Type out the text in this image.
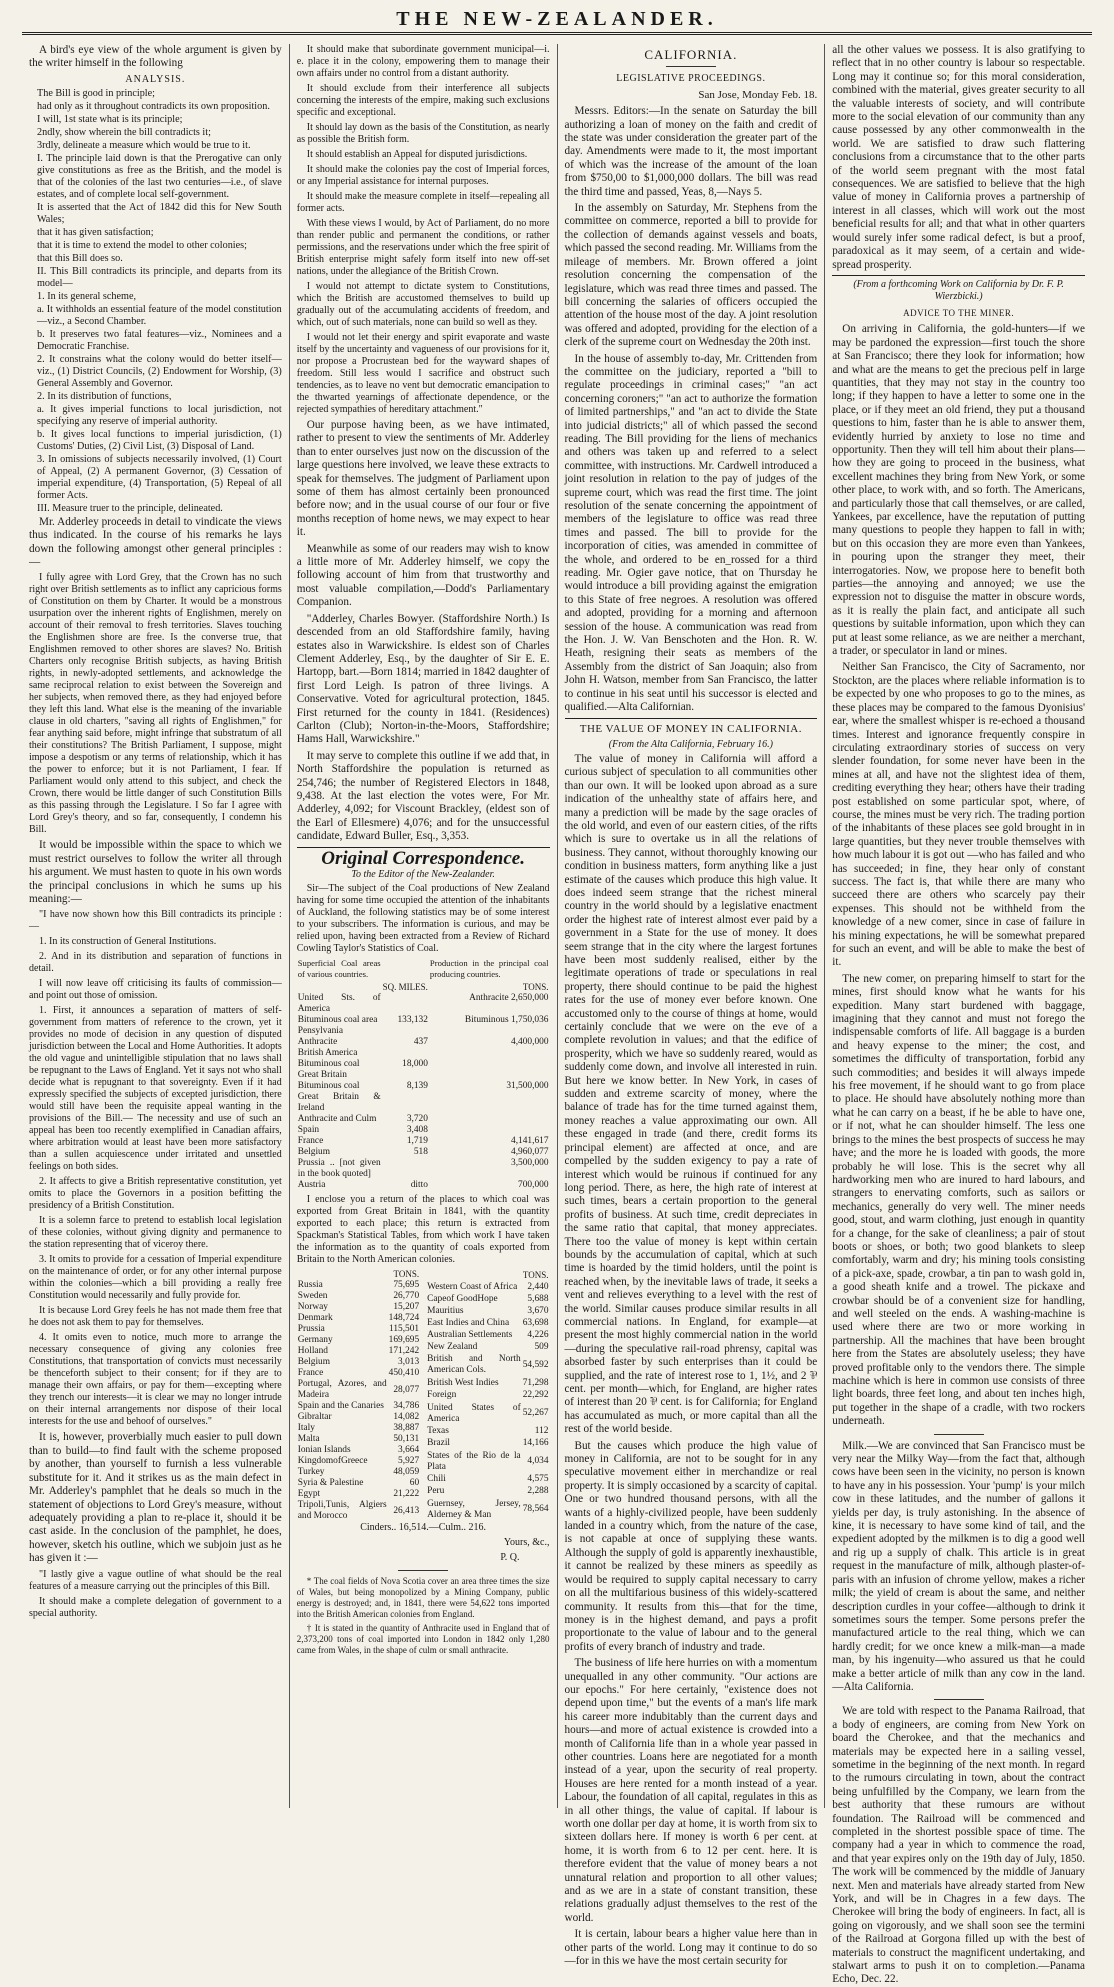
THE NEW-ZEALANDER.

A bird's eye view of the whole argument is given by the writer himself in the following

ANALYSIS.
The Bill is good in principle;
had only as it throughout contradicts its own proposition.
I will, 1st state what is its principle;
2ndly, show wherein the bill contradicts it;
3rdly, delineate a measure which would be true to it.
I. The principle laid down is that the Prerogative can only give constitutions as free as the British, and the model is that of the colonies of the last two centuries—i.e., of slave estates, and of complete local self-government.
It is asserted that the Act of 1842 did this for New South Wales;
that it has given satisfaction;
that it is time to extend the model to other colonies;
that this Bill does so.
II. This Bill contradicts its principle, and departs from its model—
1. In its general scheme,
a. It withholds an essential feature of the model constitution—viz., a Second Chamber.
b. It preserves two fatal features—viz., Nominees and a Democratic Franchise.
2. It constrains what the colony would do better itself—viz., (1) District Councils, (2) Endowment for Worship, (3) General Assembly and Governor.
2. In its distribution of functions,
a. It gives imperial functions to local jurisdiction, not specifying any reserve of imperial authority.
b. It gives local functions to imperial jurisdiction, (1) Customs' Duties, (2) Civil List, (3) Disposal of Land.
3. In omissions of subjects necessarily involved, (1) Court of Appeal, (2) A permanent Governor, (3) Cessation of imperial expenditure, (4) Transportation, (5) Repeal of all former Acts.
III. Measure truer to the principle, delineated.

Mr. Adderley proceeds in detail to vindicate the views thus indicated. In the course of his remarks he lays down the following amongst other general principles :—

I fully agree with Lord Grey, that the Crown has no such right over British settlements as to inflict any capricious forms of Constitution on them by Charter. It would be a monstrous usurpation over the inherent rights of Englishmen, merely on account of their removal to fresh territories. Slaves touching the Englishmen shore are free. Is the converse true, that Englishmen removed to other shores are slaves? No. British Charters only recognise British subjects, as having British rights, in newly-adopted settlements, and acknowledge the same reciprocal relation to exist between the Sovereign and her subjects, when removed there, as they had enjoyed before they left this land. What else is the meaning of the invariable clause in old charters, "saving all rights of Englishmen," for fear anything said before, might infringe that substratum of all their constitutions? The British Parliament, I suppose, might impose a despotism or any terms of relationship, which it has the power to enforce; but it is not Parliament, I fear. If Parliament would only attend to this subject, and check the Crown, there would be little danger of such Constitution Bills as this passing through the Legislature. I So far I agree with Lord Grey's theory, and so far, consequently, I condemn his Bill.

It would be impossible within the space to which we must restrict ourselves to follow the writer all through his argument. We must hasten to quote in his own words the principal conclusions in which he sums up his meaning:—

"I have now shown how this Bill contradicts its principle :—

1. In its construction of General Institutions.

2. And in its distribution and separation of functions in detail.

I will now leave off criticising its faults of commission—and point out those of omission.

1. First, it announces a separation of matters of self-government from matters of reference to the crown, yet it provides no mode of decision in any question of disputed jurisdiction between the Local and Home Authorities. It adopts the old vague and unintelligible stipulation that no laws shall be repugnant to the Laws of England. Yet it says not who shall decide what is repugnant to that sovereignty. Even if it had expressly specified the subjects of excepted jurisdiction, there would still have been the requisite appeal wanting in the provisions of the Bill.— The necessity and use of such an appeal has been too recently exemplified in Canadian affairs, where arbitration would at least have been more satisfactory than a sullen acquiescence under irritated and unsettled feelings on both sides.

2. It affects to give a British representative constitution, yet omits to place the Governors in a position befitting the presidency of a British Constitution.

It is a solemn farce to pretend to establish local legislation of these colonies, without giving dignity and permanence to the station representing that of viceroy there.

3. It omits to provide for a cessation of Imperial expenditure on the maintenance of order, or for any other internal purpose within the colonies—which a bill providing a really free Constitution would necessarily and fully provide for.

It is because Lord Grey feels he has not made them free that he does not ask them to pay for themselves.

4. It omits even to notice, much more to arrange the necessary consequence of giving any colonies free Constitutions, that transportation of convicts must necessarily be thenceforth subject to their consent; for if they are to manage their own affairs, or pay for them—excepting where they trench our interests—it is clear we may no longer intrude on their internal arrangements nor dispose of their local interests for the use and behoof of ourselves."

It is, however, proverbially much easier to pull down than to build—to find fault with the scheme proposed by another, than yourself to furnish a less vulnerable substitute for it. And it strikes us as the main defect in Mr. Adderley's pamphlet that he deals so much in the statement of objections to Lord Grey's measure, without adequately providing a plan to re-place it, should it be cast aside. In the conclusion of the pamphlet, he does, however, sketch his outline, which we subjoin just as he has given it :—

"I lastly give a vague outline of what should be the real features of a measure carrying out the principles of this Bill.

It should make a complete delegation of government to a special authority.

It should make that subordinate government municipal—i. e. place it in the colony, empowering them to manage their own affairs under no control from a distant authority.

It should exclude from their interference all subjects concerning the interests of the empire, making such exclusions specific and exceptional.

It should lay down as the basis of the Constitution, as nearly as possible the British form.

It should establish an Appeal for disputed jurisdictions.

It should make the colonies pay the cost of Imperial forces, or any Imperial assistance for internal purposes.

It should make the measure complete in itself—repealing all former acts.

With these views I would, by Act of Parliament, do no more than render public and permanent the conditions, or rather permissions, and the reservations under which the free spirit of British enterprise might safely form itself into new off-set nations, under the allegiance of the British Crown.

I would not attempt to dictate system to Constitutions, which the British are accustomed themselves to build up gradually out of the accumulating accidents of freedom, and which, out of such materials, none can build so well as they.

I would not let their energy and spirit evaporate and waste itself by the uncertainty and vagueness of our provisions for it, nor propose a Procrustean bed for the wayward shapes of freedom. Still less would I sacrifice and obstruct such tendencies, as to leave no vent but democratic emancipation to the thwarted yearnings of affectionate dependence, or the rejected sympathies of hereditary attachment."

Our purpose having been, as we have intimated, rather to present to view the sentiments of Mr. Adderley than to enter ourselves just now on the discussion of the large questions here involved, we leave these extracts to speak for themselves. The judgment of Parliament upon some of them has almost certainly been pronounced before now; and in the usual course of our four or five months reception of home news, we may expect to hear it.

Meanwhile as some of our readers may wish to know a little more of Mr. Adderley himself, we copy the following account of him from that trustworthy and most valuable compilation,—Dodd's Parliamentary Companion.

"Adderley, Charles Bowyer. (Staffordshire North.) Is descended from an old Staffordshire family, having estates also in Warwickshire. Is eldest son of Charles Clement Adderley, Esq., by the daughter of Sir E. E. Hartopp, bart.—Born 1814; married in 1842 daughter of first Lord Leigh. Is patron of three livings. A Conservative. Voted for agricultural protection, 1845. First returned for the county in 1841. (Residences) Carlton (Club); Norton-in-the-Moors, Staffordshire; Hams Hall, Warwickshire."

It may serve to complete this outline if we add that, in North Staffordshire the population is returned as 254,746; the number of Registered Electors in 1848, 9,438. At the last election the votes were, For Mr. Adderley, 4,092; for Viscount Brackley, (eldest son of the Earl of Ellesmere) 4,076; and for the unsuccessful candidate, Edward Buller, Esq., 3,353.

Original Correspondence.
To the Editor of the New-Zealander.

Sir—The subject of the Coal productions of New Zealand having for some time occupied the attention of the inhabitants of Auckland, the following statistics may be of some interest to your subscribers. The information is curious, and may be relied upon, having been extracted from a Review of Richard Cowling Taylor's Statistics of Coal.

Superficial Coal areas of various countries.		Production in the principal coal producing countries.
	SQ. MILES.	TONS.
United Sts. of America		Anthracite 2,650,000
Bituminous coal area	133,132	Bituminous 1,750,036
Pensylvania		
Anthracite	437	4,400,000
British America		
Bituminous coal	18,000	
Great Britain		
Bituminous coal	8,139	31,500,000
Great Britain & Ireland		
Anthracite and Culm	3,720	
Spain	3,408	
France	1,719	4,141,617
Belgium	518	4,960,077
Prussia .. [not given in the book quoted]		3,500,000
Austria	ditto	700,000

I enclose you a return of the places to which coal was exported from Great Britain in 1841, with the quantity exported to each place; this return is extracted from Spackman's Statistical Tables, from which work I have taken the information as to the quantity of coals exported from Britain to the North American colonies.

	TONS.
Russia	75,695
Sweden	26,770
Norway	15,207
Denmark	148,724
Prussia	115,501
Germany	169,695
Holland	171,242
Belgium	3,013
France	450,410
Portugal, Azores, and Madeira	28,077
Spain and the Canaries	34,786
Gibraltar	14,082
Italy	38,887
Malta	50,131
Ionian Islands	3,664
KingdomofGreece	5,927
Turkey	48,059
Syria & Palestine	60
Egypt	21,222
Tripoli,Tunis, Algiers and Morocco	26,413
	TONS.
Western Coast of Africa	2,440
Capeof GoodHope	5,688
Mauritius	3,670
East Indies and China	63,698
Australian Settlements	4,226
New Zealand	509
British and North American Cols.	54,592
British West Indies	71,298
Foreign	22,292
United States of America	52,267
Texas	112
Brazil	14,166
States of the Rio de la Plata	4,034
Chili	4,575
Peru	2,288
Guernsey, Jersey, Alderney & Man	78,564
Cinders.. 16,514.—Culm.. 216.
Yours, &c.,
P. Q.

* The coal fields of Nova Scotia cover an area three times the size of Wales, but being monopolized by a Mining Company, public energy is destroyed; and, in 1841, there were 54,622 tons imported into the British American colonies from England.

† It is stated in the quantity of Anthracite used in England that of 2,373,200 tons of coal imported into London in 1842 only 1,280 came from Wales, in the shape of culm or small anthracite.

CALIFORNIA.
LEGISLATIVE PROCEEDINGS.
San Jose, Monday Feb. 18.

Messrs. Editors:—In the senate on Saturday the bill authorizing a loan of money on the faith and credit of the state was under consideration the greater part of the day. Amendments were made to it, the most important of which was the increase of the amount of the loan from $750,00 to $1,000,000 dollars. The bill was read the third time and passed, Yeas, 8,—Nays 5.

In the assembly on Saturday, Mr. Stephens from the committee on commerce, reported a bill to provide for the collection of demands against vessels and boats, which passed the second reading. Mr. Williams from the mileage of members. Mr. Brown offered a joint resolution concerning the compensation of the legislature, which was read three times and passed. The bill concerning the salaries of officers occupied the attention of the house most of the day. A joint resolution was offered and adopted, providing for the election of a clerk of the supreme court on Wednesday the 20th inst.

In the house of assembly to-day, Mr. Crittenden from the committee on the judiciary, reported a "bill to regulate proceedings in criminal cases;" "an act concerning coroners;" "an act to authorize the formation of limited partnerships," and "an act to divide the State into judicial districts;" all of which passed the second reading. The Bill providing for the liens of mechanics and others was taken up and referred to a select committee, with instructions. Mr. Cardwell introduced a joint resolution in relation to the pay of judges of the supreme court, which was read the first time. The joint resolution of the senate concerning the appointment of members of the legislature to office was read three times and passed. The bill to provide for the incorporation of cities, was amended in committee of the whole, and ordered to be en_rossed for a third reading. Mr. Ogier gave notice, that on Thursday he would introduce a bill providing against the emigration to this State of free negroes. A resolution was offered and adopted, providing for a morning and afternoon session of the house. A communication was read from the Hon. J. W. Van Benschoten and the Hon. R. W. Heath, resigning their seats as members of the Assembly from the district of San Joaquin; also from John H. Watson, member from San Francisco, the latter to continue in his seat until his successor is elected and qualified.—Alta Californian.

THE VALUE OF MONEY IN CALIFORNIA.
(From the Alta California, February 16.)

The value of money in California will afford a curious subject of speculation to all communities other than our own. It will be looked upon abroad as a sure indication of the unhealthy state of affairs here, and many a prediction will be made by the sage oracles of the old world, and even of our eastern cities, of the rifts which is sure to overtake us in all the relations of business. They cannot, without thoroughly knowing our condition in business matters, form anything like a just estimate of the causes which produce this high value. It does indeed seem strange that the richest mineral country in the world should by a legislative enactment order the highest rate of interest almost ever paid by a government in a State for the use of money. It does seem strange that in the city where the largest fortunes have been most suddenly realised, either by the legitimate operations of trade or speculations in real property, there should continue to be paid the highest rates for the use of money ever before known. One accustomed only to the course of things at home, would certainly conclude that we were on the eve of a complete revolution in values; and that the edifice of prosperity, which we have so suddenly reared, would as suddenly come down, and involve all interested in ruin. But here we know better. In New York, in cases of sudden and extreme scarcity of money, where the balance of trade has for the time turned against them, money reaches a value approximating our own. All these engaged in trade (and there, credit forms its principal element) are affected at once, and are compelled by the sudden exigency to pay a rate of interest which would be ruinous if continued for any long period. There, as here, the high rate of interest at such times, bears a certain proportion to the general profits of business. At such time, credit depreciates in the same ratio that capital, that money appreciates. There too the value of money is kept within certain bounds by the accumulation of capital, which at such time is hoarded by the timid holders, until the point is reached when, by the inevitable laws of trade, it seeks a vent and relieves everything to a level with the rest of the world. Similar causes produce similar results in all commercial nations. In England, for example—at present the most highly commercial nation in the world—during the speculative rail-road phrensy, capital was absorbed faster by such enterprises than it could be supplied, and the rate of interest rose to 1, 1½, and 2 ⅌ cent. per month—which, for England, are higher rates of interest than 20 ⅌ cent. is for California; for England has accumulated as much, or more capital than all the rest of the world beside.

But the causes which produce the high value of money in California, are not to be sought for in any speculative movement either in merchandize or real property. It is simply occasioned by a scarcity of capital. One or two hundred thousand persons, with all the wants of a highly-civilized people, have been suddenly landed in a country which, from the nature of the case, is not capable at once of supplying these wants. Although the supply of gold is apparently inexhaustible, it cannot be realized by these miners as speedily as would be required to supply capital necessary to carry on all the multifarious business of this widely-scattered community. It results from this—that for the time, money is in the highest demand, and pays a profit proportionate to the value of labour and to the general profits of every branch of industry and trade.

The business of life here hurries on with a momentum unequalled in any other community. "Our actions are our epochs." For here certainly, "existence does not depend upon time," but the events of a man's life mark his career more indubitably than the current days and hours—and more of actual existence is crowded into a month of California life than in a whole year passed in other countries. Loans here are negotiated for a month instead of a year, upon the security of real property. Houses are here rented for a month instead of a year. Labour, the foundation of all capital, regulates in this as in all other things, the value of capital. If labour is worth one dollar per day at home, it is worth from six to sixteen dollars here. If money is worth 6 per cent. at home, it is worth from 6 to 12 per cent. here. It is therefore evident that the value of money bears a not unnatural relation and proportion to all other values; and as we are in a state of constant transition, these relations gradually adjust themselves to the rest of the world.

It is certain, labour bears a higher value here than in other parts of the world. Long may it continue to do so—for in this we have the most certain security for

all the other values we possess. It is also gratifying to reflect that in no other country is labour so respectable. Long may it continue so; for this moral consideration, combined with the material, gives greater security to all the valuable interests of society, and will contribute more to the social elevation of our community than any cause possessed by any other commonwealth in the world. We are satisfied to draw such flattering conclusions from a circumstance that to the other parts of the world seem pregnant with the most fatal consequences. We are satisfied to believe that the high value of money in California proves a partnership of interest in all classes, which will work out the most beneficial results for all; and that what in other quarters would surely infer some radical defect, is but a proof, paradoxical as it may seem, of a certain and wide-spread prosperity.

(From a forthcoming Work on California by Dr. F. P. Wierzbicki.)
ADVICE TO THE MINER.

On arriving in California, the gold-hunters—if we may be pardoned the expression—first touch the shore at San Francisco; there they look for information; how and what are the means to get the precious pelf in large quantities, that they may not stay in the country too long; if they happen to have a letter to some one in the place, or if they meet an old friend, they put a thousand questions to him, faster than he is able to answer them, evidently hurried by anxiety to lose no time and opportunity. Then they will tell him about their plans—how they are going to proceed in the business, what excellent machines they bring from New York, or some other place, to work with, and so forth. The Americans, and particularly those that call themselves, or are called, Yankees, par excellence, have the reputation of putting many questions to people they happen to fall in with; but on this occasion they are more even than Yankees, in pouring upon the stranger they meet, their interrogatories. Now, we propose here to benefit both parties—the annoying and annoyed; we use the expression not to disguise the matter in obscure words, as it is really the plain fact, and anticipate all such questions by suitable information, upon which they can put at least some reliance, as we are neither a merchant, a trader, or speculator in land or mines.

Neither San Francisco, the City of Sacramento, nor Stockton, are the places where reliable information is to be expected by one who proposes to go to the mines, as these places may be compared to the famous Dyonisius' ear, where the smallest whisper is re-echoed a thousand times. Interest and ignorance frequently conspire in circulating extraordinary stories of success on very slender foundation, for some never have been in the mines at all, and have not the slightest idea of them, crediting everything they hear; others have their trading post established on some particular spot, where, of course, the mines must be very rich. The trading portion of the inhabitants of these places see gold brought in in large quantities, but they never trouble themselves with how much labour it is got out —who has failed and who has succeeded; in fine, they hear only of constant success. The fact is, that while there are many who succeed there are others who scarcely pay their expenses. This should not be withheld from the knowledge of a new comer, since in case of failure in his mining expectations, he will be somewhat prepared for such an event, and will be able to make the best of it.

The new comer, on preparing himself to start for the mines, first should know what he wants for his expedition. Many start burdened with baggage, imagining that they cannot and must not forego the indispensable comforts of life. All baggage is a burden and heavy expense to the miner; the cost, and sometimes the difficulty of transportation, forbid any such commodities; and besides it will always impede his free movement, if he should want to go from place to place. He should have absolutely nothing more than what he can carry on a beast, if he be able to have one, or if not, what he can shoulder himself. The less one brings to the mines the best prospects of success he may have; and the more he is loaded with goods, the more probably he will lose. This is the secret why all hardworking men who are inured to hard labours, and strangers to enervating comforts, such as sailors or mechanics, generally do very well. The miner needs good, stout, and warm clothing, just enough in quantity for a change, for the sake of cleanliness; a pair of stout boots or shoes, or both; two good blankets to sleep comfortably, warm and dry; his mining tools consisting of a pick-axe, spade, crowbar, a tin pan to wash gold in, a good sheath knife and a trowel. The pickaxe and crowbar should be of a convenient size for handling, and well steeled on the ends. A washing-machine is used where there are two or more working in partnership. All the machines that have been brought here from the States are absolutely useless; they have proved profitable only to the vendors there. The simple machine which is here in common use consists of three light boards, three feet long, and about ten inches high, put together in the shape of a cradle, with two rockers underneath.

Milk.—We are convinced that San Francisco must be very near the Milky Way—from the fact that, although cows have been seen in the vicinity, no person is known to have any in his possession. Your 'pump' is your milch cow in these latitudes, and the number of gallons it yields per day, is truly astonishing. In the absence of kine, it is necessary to have some kind of tail, and the expedient adopted by the milkmen is to dig a good well and rig up a supply of chalk. This article is in great request in the manufacture of milk, although plaster-of-paris with an infusion of chrome yellow, makes a richer milk; the yield of cream is about the same, and neither description curdles in your coffee—although to drink it sometimes sours the temper. Some persons prefer the manufactured article to the real thing, which we can hardly credit; for we once knew a milk-man—a made man, by his ingenuity—who assured us that he could make a better article of milk than any cow in the land.—Alta California.

We are told with respect to the Panama Railroad, that a body of engineers, are coming from New York on board the Cherokee, and that the mechanics and materials may be expected here in a sailing vessel, sometime in the beginning of the next month. In regard to the rumours circulating in town, about the contract being unfulfilled by the Company, we learn from the best authority that these rumours are without foundation. The Railroad will be commenced and completed in the shortest possible space of time. The company had a year in which to commence the road, and that year expires only on the 19th day of July, 1850. The work will be commenced by the middle of January next. Men and materials have already started from New York, and will be in Chagres in a few days. The Cherokee will bring the body of engineers. In fact, all is going on vigorously, and we shall soon see the termini of the Railroad at Gorgona filled up with the best of materials to construct the magnificent undertaking, and stalwart arms to push it on to completion.—Panama Echo, Dec. 22.
